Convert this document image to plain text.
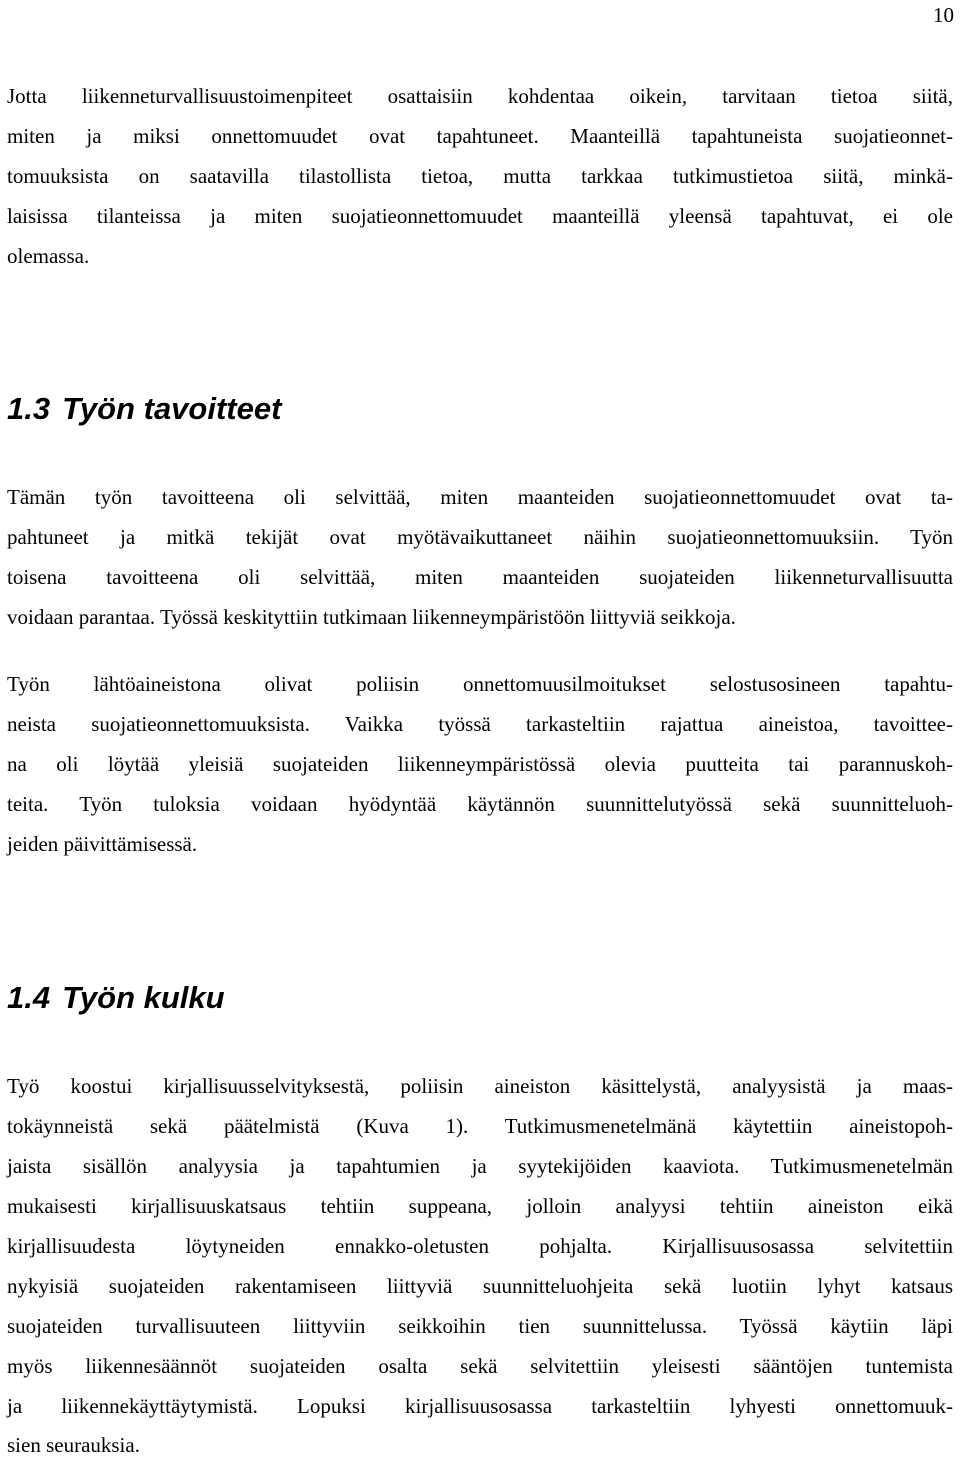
10
Jotta liikenneturvallisuustoimenpiteet osattaisiin kohdentaa oikein, tarvitaan tietoa siitä,
miten ja miksi onnettomuudet ovat tapahtuneet. Maanteillä tapahtuneista suojatieonnet-
tomuuksista on saatavilla tilastollista tietoa, mutta tarkkaa tutkimustietoa siitä, minkä-
laisissa tilanteissa ja miten suojatieonnettomuudet maanteillä yleensä tapahtuvat, ei ole
olemassa.
1.3 Työn tavoitteet
Tämän työn tavoitteena oli selvittää, miten maanteiden suojatieonnettomuudet ovat ta-
pahtuneet ja mitkä tekijät ovat myötävaikuttaneet näihin suojatieonnettomuuksiin. Työn
toisena tavoitteena oli selvittää, miten maanteiden suojateiden liikenneturvallisuutta
voidaan parantaa. Työssä keskityttiin tutkimaan liikenneympäristöön liittyviä seikkoja.
Työn lähtöaineistona olivat poliisin onnettomuusilmoitukset selostusosineen tapahtu-
neista suojatieonnettomuuksista. Vaikka työssä tarkasteltiin rajattua aineistoa, tavoittee-
na oli löytää yleisiä suojateiden liikenneympäristössä olevia puutteita tai parannuskoh-
teita. Työn tuloksia voidaan hyödyntää käytännön suunnittelutyössä sekä suunnitteluoh-
jeiden päivittämisessä.
1.4 Työn kulku
Työ koostui kirjallisuusselvityksestä, poliisin aineiston käsittelystä, analyysistä ja maas-
tokäynneistä sekä päätelmistä (Kuva 1). Tutkimusmenetelmänä käytettiin aineistopoh-
jaista sisällön analyysia ja tapahtumien ja syytekijöiden kaaviota. Tutkimusmenetelmän
mukaisesti kirjallisuuskatsaus tehtiin suppeana, jolloin analyysi tehtiin aineiston eikä
kirjallisuudesta löytyneiden ennakko-oletusten pohjalta. Kirjallisuusosassa selvitettiin
nykyisiä suojateiden rakentamiseen liittyviä suunnitteluohjeita sekä luotiin lyhyt katsaus
suojateiden turvallisuuteen liittyviin seikkoihin tien suunnittelussa. Työssä käytiin läpi
myös liikennesäännöt suojateiden osalta sekä selvitettiin yleisesti sääntöjen tuntemista
ja liikennekäyttäytymistä. Lopuksi kirjallisuusosassa tarkasteltiin lyhyesti onnettomuuk-
sien seurauksia.
